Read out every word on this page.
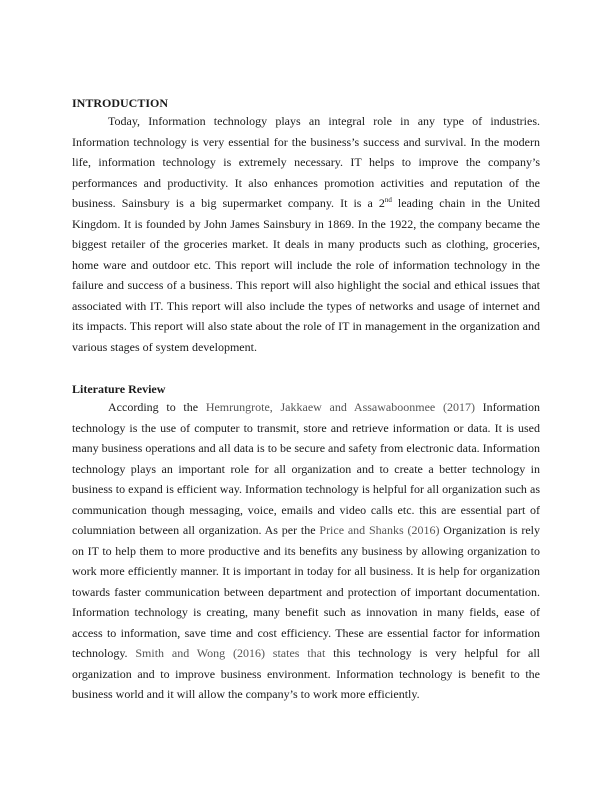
INTRODUCTION

Today, Information technology plays an integral role in any type of industries. Information technology is very essential for the business’s success and survival. In the modern life, information technology is extremely necessary. IT helps to improve the company’s performances and productivity. It also enhances promotion activities and reputation of the business. Sainsbury is a big supermarket company. It is a 2nd leading chain in the United Kingdom. It is founded by John James Sainsbury in 1869. In the 1922, the company became the biggest retailer of the groceries market. It deals in many products such as clothing, groceries, home ware and outdoor etc. This report will include the role of information technology in the failure and success of a business. This report will also highlight the social and ethical issues that associated with IT. This report will also include the types of networks and usage of internet and its impacts. This report will also state about the role of IT in management in the organization and various stages of system development.

Literature Review

According to the Hemrungrote, Jakkaew and Assawaboonmee (2017) Information technology is the use of computer to transmit, store and retrieve information or data. It is used many business operations and all data is to be secure and safety from electronic data. Information technology plays an important role for all organization and to create a better technology in business to expand is efficient way. Information technology is helpful for all organization such as communication though messaging, voice, emails and video calls etc. this are essential part of columniation between all organization. As per the Price and Shanks (2016) Organization is rely on IT to help them to more productive and its benefits any business by allowing organization to work more efficiently manner. It is important in today for all business. It is help for organization towards faster communication between department and protection of important documentation. Information technology is creating, many benefit such as innovation in many fields, ease of access to information, save time and cost efficiency. These are essential factor for information technology. Smith and Wong (2016) states that this technology is very helpful for all organization and to improve business environment. Information technology is benefit to the business world and it will allow the company’s to work more efficiently.
